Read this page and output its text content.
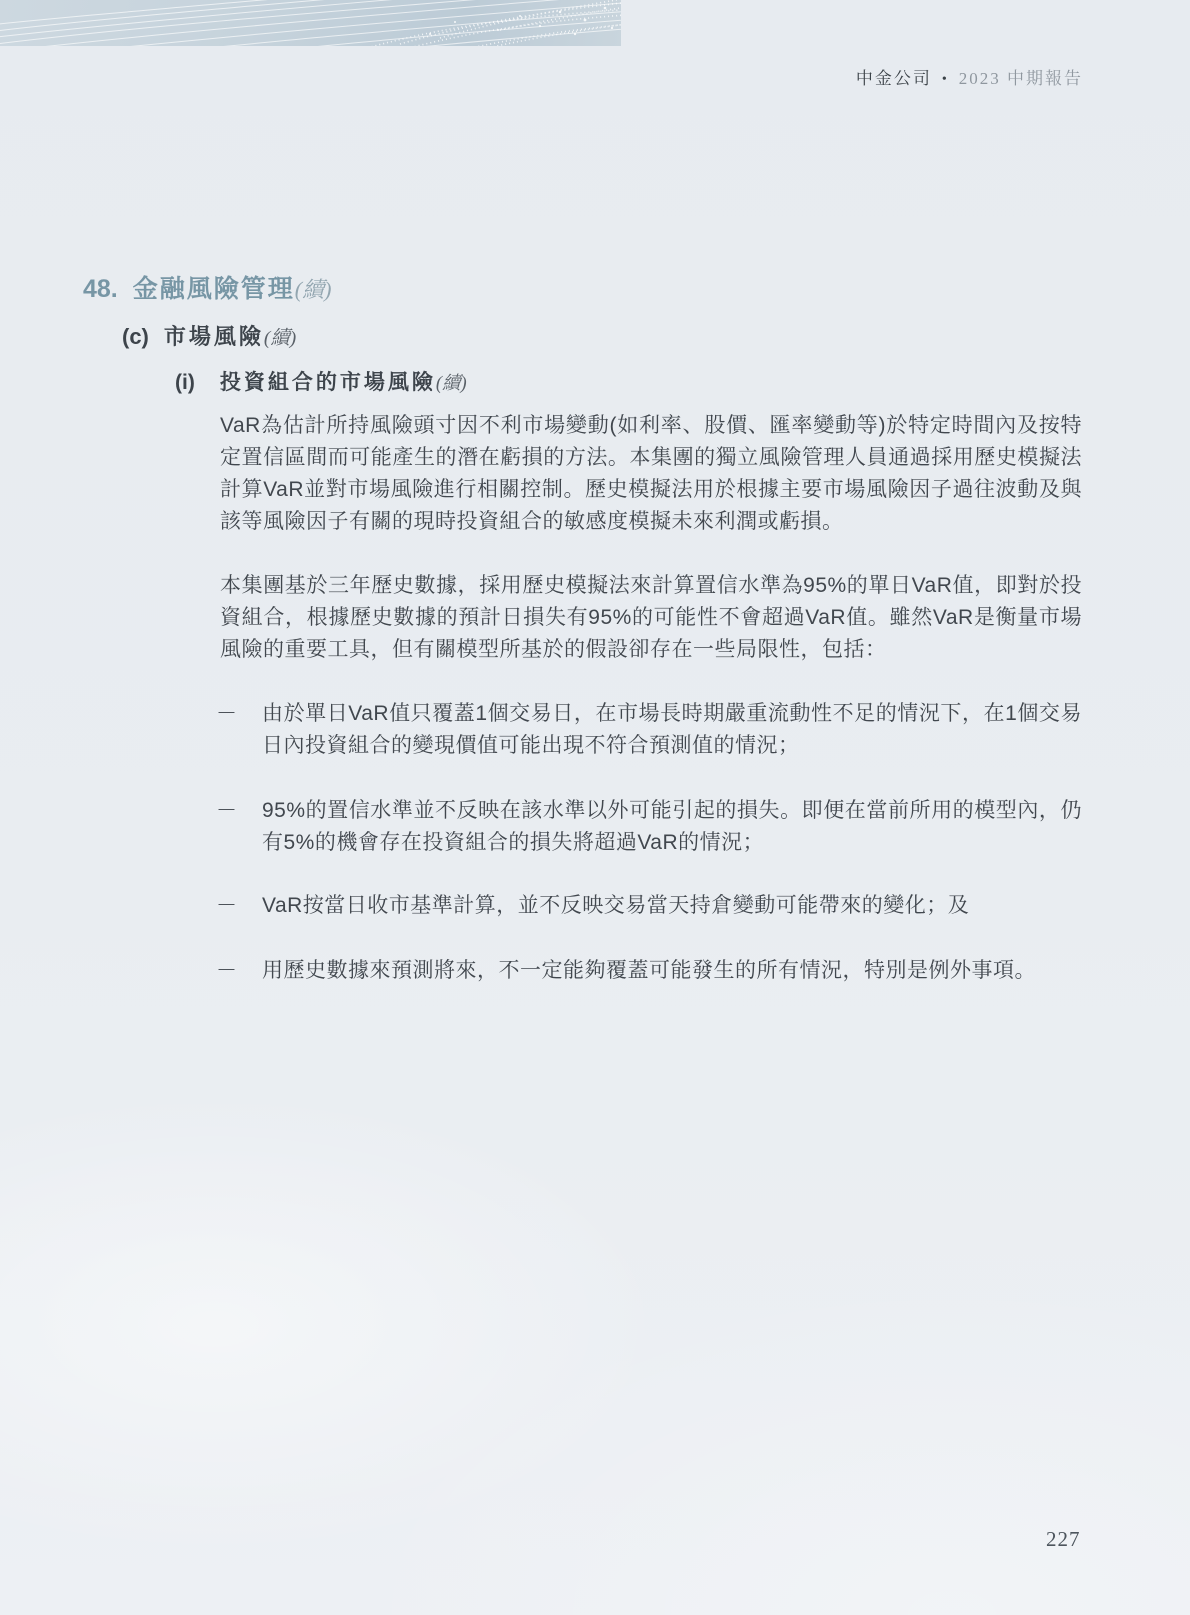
中金公司 • 2023 中期報告
48. 金融風險管理(續)
(c) 市場風險(續)
(i) 投資組合的市場風險(續)
VaR為估計所持風險頭寸因不利市場變動(如利率、股價、匯率變動等)於特定時間內及按特定置信區間而可能產生的潛在虧損的方法。本集團的獨立風險管理人員通過採用歷史模擬法計算VaR並對市場風險進行相關控制。歷史模擬法用於根據主要市場風險因子過往波動及與該等風險因子有關的現時投資組合的敏感度模擬未來利潤或虧損。
本集團基於三年歷史數據，採用歷史模擬法來計算置信水準為95%的單日VaR值，即對於投資組合，根據歷史數據的預計日損失有95%的可能性不會超過VaR值。雖然VaR是衡量市場風險的重要工具，但有關模型所基於的假設卻存在一些局限性，包括：
－	由於單日VaR值只覆蓋1個交易日，在市場長時期嚴重流動性不足的情況下，在1個交易日內投資組合的變現價值可能出現不符合預測值的情況；
－	95%的置信水準並不反映在該水準以外可能引起的損失。即便在當前所用的模型內，仍有5%的機會存在投資組合的損失將超過VaR的情況；
－	VaR按當日收市基準計算，並不反映交易當天持倉變動可能帶來的變化；及
－	用歷史數據來預測將來，不一定能夠覆蓋可能發生的所有情況，特別是例外事項。
227
